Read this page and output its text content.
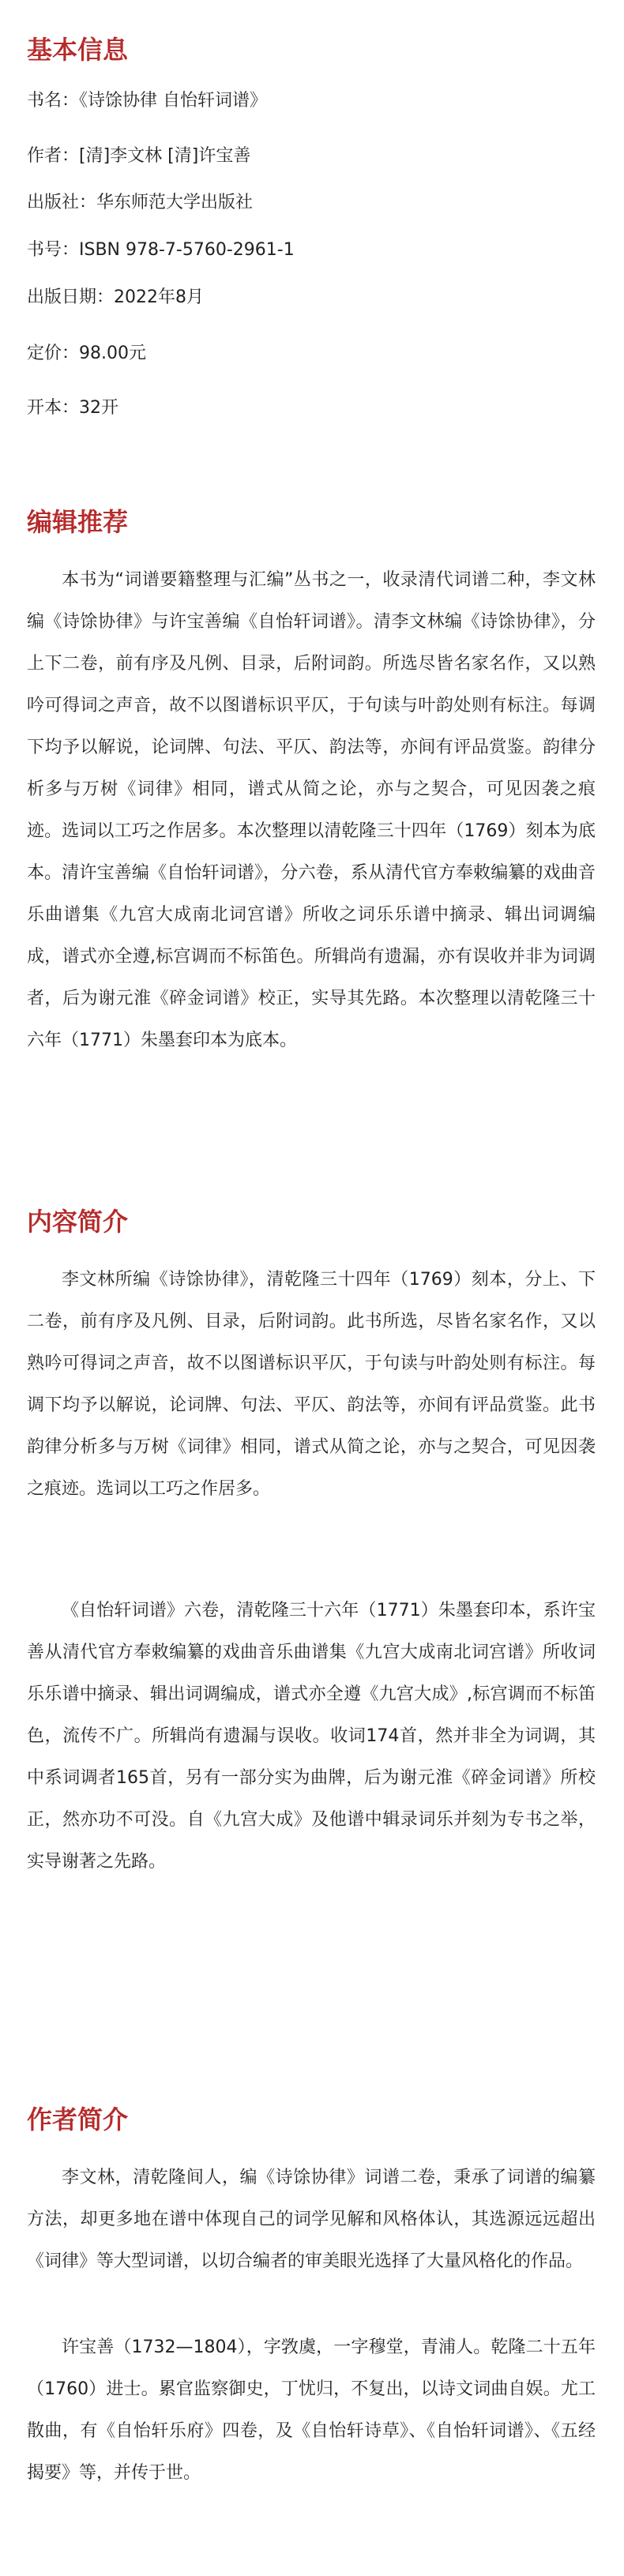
基本信息

书名：《诗馀协律 自怡轩词谱》

作者：[清]李文林 [清]许宝善

出版社：华东师范大学出版社

书号：ISBN 978-7-5760-2961-1

出版日期：2022年8月

定价：98.00元

开本：32开

编辑推荐

本书为“词谱要籍整理与汇编”丛书之一，收录清代词谱二种，李文林编《诗馀协律》与许宝善编《自怡轩词谱》。清李文林编《诗馀协律》，分上下二卷，前有序及凡例、目录，后附词韵。所选尽皆名家名作，又以熟吟可得词之声音，故不以图谱标识平仄，于句读与叶韵处则有标注。每调下均予以解说，论词牌、句法、平仄、韵法等，亦间有评品赏鉴。韵律分析多与万树《词律》相同，谱式从简之论，亦与之契合，可见因袭之痕迹。选词以工巧之作居多。本次整理以清乾隆三十四年（1769）刻本为底本。清许宝善编《自怡轩词谱》，分六卷，系从清代官方奉敕编纂的戏曲音乐曲谱集《九宫大成南北词宫谱》所收之词乐乐谱中摘录、辑出词调编成，谱式亦全遵,标宫调而不标笛色。所辑尚有遗漏，亦有误收并非为词调者，后为谢元淮《碎金词谱》校正，实导其先路。本次整理以清乾隆三十六年（1771）朱墨套印本为底本。

内容简介

李文林所编《诗馀协律》，清乾隆三十四年（1769）刻本，分上、下二卷，前有序及凡例、目录，后附词韵。此书所选，尽皆名家名作，又以熟吟可得词之声音，故不以图谱标识平仄，于句读与叶韵处则有标注。每调下均予以解说，论词牌、句法、平仄、韵法等，亦间有评品赏鉴。此书韵律分析多与万树《词律》相同，谱式从简之论，亦与之契合，可见因袭之痕迹。选词以工巧之作居多。

《自怡轩词谱》六卷，清乾隆三十六年（1771）朱墨套印本，系许宝善从清代官方奉敕编纂的戏曲音乐曲谱集《九宫大成南北词宫谱》所收词乐乐谱中摘录、辑出词调编成，谱式亦全遵《九宫大成》,标宫调而不标笛色，流传不广。所辑尚有遗漏与误收。收词174首，然并非全为词调，其中系词调者165首，另有一部分实为曲牌，后为谢元淮《碎金词谱》所校正，然亦功不可没。自《九宫大成》及他谱中辑录词乐并刻为专书之举，实导谢著之先路。

作者简介

李文林，清乾隆间人，编《诗馀协律》词谱二卷，秉承了词谱的编纂方法，却更多地在谱中体现自己的词学见解和风格体认，其选源远远超出《词律》等大型词谱，以切合编者的审美眼光选择了大量风格化的作品。

许宝善（1732—1804），字敩虞，一字穆堂，青浦人。乾隆二十五年（1760）进士。累官监察御史，丁忧归，不复出，以诗文词曲自娱。尤工散曲，有《自怡轩乐府》四卷，及《自怡轩诗草》、《自怡轩词谱》、《五经揭要》等，并传于世。
